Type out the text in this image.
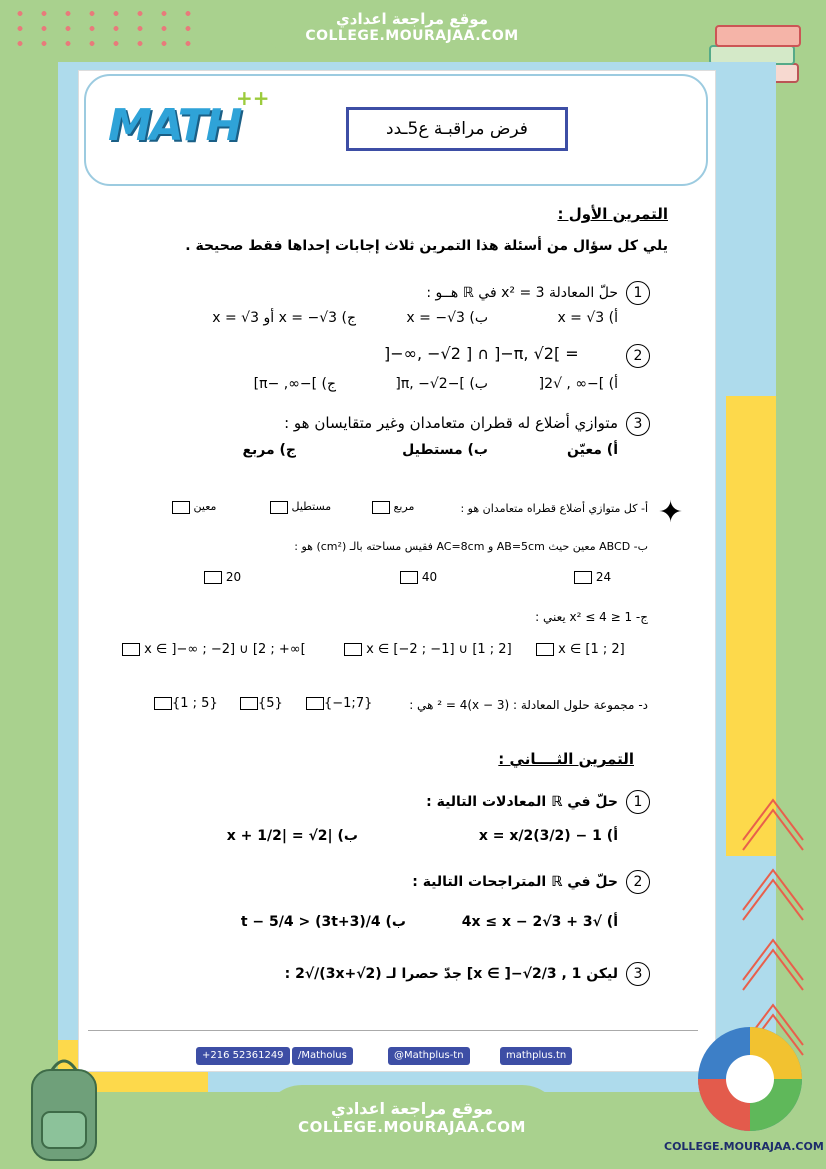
موقع مراجعة اعدادي
COLLEGE.MOURAJAA.COM
MATH
++
فرض مراقبـة ع5ـدد
التمرين الأول :
يلي كل سؤال من أسئلة هذا التمرين ثلاث إجابات إحداها فقط صحيحة .
1
حلّ المعادلة x² = 3 في ℝ هــو :
أ) x = √3
ب) x = −√3
ج) x = −√3 أو x = √3
2
]−∞, −√2 ] ∩ ]−π, √2[ =
أ) ]−∞ , √2[
ب) ]−π, −√2[
ج) ]−∞, −π]
3
متوازي أضلاع له قطران متعامدان وغير متقايسان هو :
أ) معيّن
ب) مستطيل
ج) مربع
✦
أ- كل متوازي أضلاع قطراه متعامدان هو :
مربع
مستطيل
معين
ب- ABCD معين حيث AB=5cm و AC=8cm فقيس مساحته بالـ (cm²) هو :
24
40
20
ج- 1 ≤ x² ≤ 4 يعني :
x ∈ [1 ; 2]
x ∈ [−2 ; −1] ∪ [1 ; 2]
x ∈ ]−∞ ; −2] ∪ [2 ; +∞[
د- مجموعة حلول المعادلة : (x − 3)² = 4 هي :
{−1;7}
{5}
{1 ; 5}
التمرين الثــــاني :
1
حلّ في ℝ المعادلات التالية :
أ) 1 − (3/2)x = x/2
ب) |x + 1/2| = √2
2
حلّ في ℝ المتراجحات التالية :
أ) √3 + 4x ≤ x − 2√3
ب) t − 5/4 > (3t+3)/4
3
ليكن x ∈ ]−√2/3 , 1] جدّ حصرا لـ (3x+√2)/√2 :
+216 52361249	/Matholus	@Mathplus-tn	mathplus.tn
موقع مراجعة اعدادي
COLLEGE.MOURAJAA.COM
COLLEGE.MOURAJAA.COM
